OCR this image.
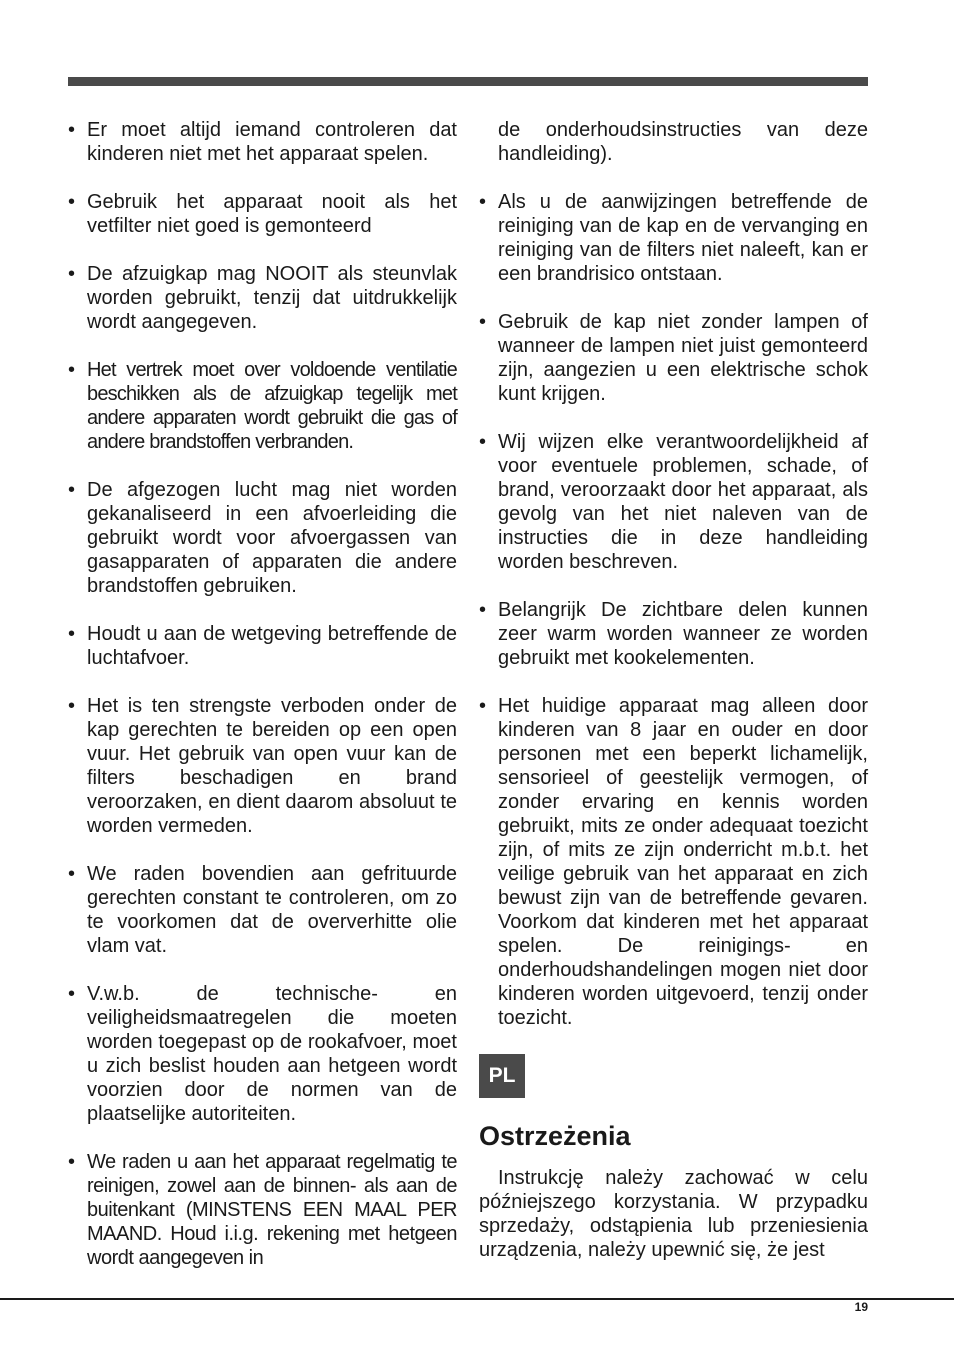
• Er moet altijd iemand controleren dat kinderen niet met het apparaat spelen.
• Gebruik het apparaat nooit als het vetfilter niet goed is gemonteerd
• De afzuigkap mag NOOIT als steunvlak worden gebruikt, tenzij dat uitdrukkelijk wordt aangegeven.
• Het vertrek moet over voldoende ventilatie beschikken als de afzuigkap tegelijk met andere apparaten wordt gebruikt die gas of andere brandstoffen verbranden.
• De afgezogen lucht mag niet worden gekanaliseerd in een afvoerleiding die gebruikt wordt voor afvoergassen van gasapparaten of apparaten die andere brandstoffen gebruiken.
• Houdt u aan de wetgeving betreffende de luchtafvoer.
• Het is ten strengste verboden onder de kap gerechten te bereiden op een open vuur. Het gebruik van open vuur kan de filters beschadigen en brand veroorzaken, en dient daarom absoluut te worden vermeden.
• We raden bovendien aan gefrituurde gerechten constant te controleren, om zo te voorkomen dat de oververhitte olie vlam vat.
• V.w.b. de technische- en veiligheidsmaatregelen die moeten worden toegepast op de rookafvoer, moet u zich beslist houden aan hetgeen wordt voorzien door de normen van de plaatselijke autoriteiten.
• We raden u aan het apparaat regelmatig te reinigen, zowel aan de binnen- als aan de buitenkant (MINSTENS EEN MAAL PER MAAND. Houd i.i.g. rekening met hetgeen wordt aangegeven in

de onderhoudsinstructies van deze handleiding).

• Als u de aanwijzingen betreffende de reiniging van de kap en de vervanging en reiniging van de filters niet naleeft, kan er een brandrisico ontstaan.
• Gebruik de kap niet zonder lampen of wanneer de lampen niet juist gemonteerd zijn, aangezien u een elektrische schok kunt krijgen.
• Wij wijzen elke verantwoordelijkheid af voor eventuele problemen, schade, of brand, veroorzaakt door het apparaat, als gevolg van het niet naleven van de instructies die in deze handleiding worden beschreven.
• Belangrijk De zichtbare delen kunnen zeer warm worden wanneer ze worden gebruikt met kookelementen.
• Het huidige apparaat mag alleen door kinderen van 8 jaar en ouder en door personen met een beperkt lichamelijk, sensorieel of geestelijk vermogen, of zonder ervaring en kennis worden gebruikt, mits ze onder adequaat toezicht zijn, of mits ze zijn onderricht m.b.t. het veilige gebruik van het apparaat en zich bewust zijn van de betreffende gevaren. Voorkom dat kinderen met het apparaat spelen. De reinigings- en onderhoudshandelingen mogen niet door kinderen worden uitgevoerd, tenzij onder toezicht.
PL
Ostrzeżenia

Instrukcję należy zachować w celu późniejszego korzystania. W przypadku sprzedaży, odstąpienia lub przeniesienia urządzenia, należy upewnić się, że jest

19
